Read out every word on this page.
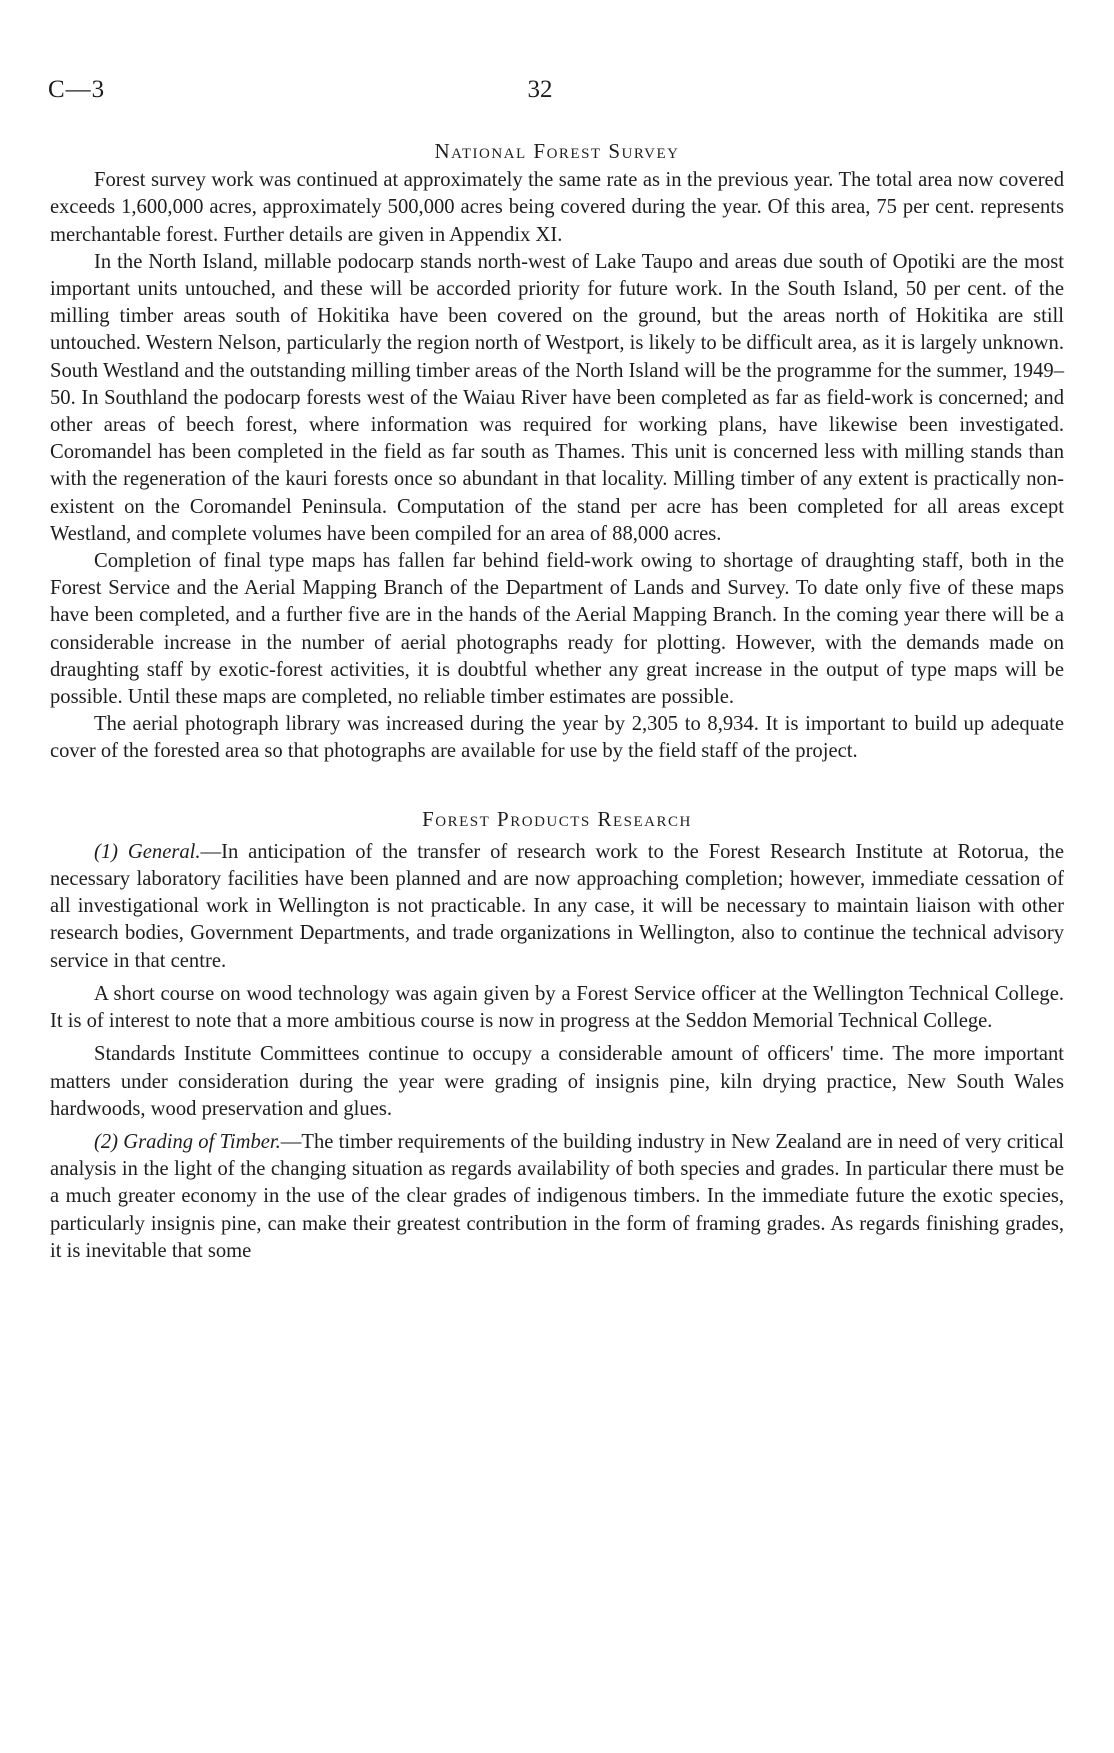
C—3	32
National Forest Survey

Forest survey work was continued at approximately the same rate as in the previous year. The total area now covered exceeds 1,600,000 acres, approximately 500,000 acres being covered during the year. Of this area, 75 per cent. represents merchantable forest. Further details are given in Appendix XI.

In the North Island, millable podocarp stands north-west of Lake Taupo and areas due south of Opotiki are the most important units untouched, and these will be accorded priority for future work. In the South Island, 50 per cent. of the milling timber areas south of Hokitika have been covered on the ground, but the areas north of Hokitika are still untouched. Western Nelson, particularly the region north of Westport, is likely to be difficult area, as it is largely unknown. South Westland and the outstanding milling timber areas of the North Island will be the programme for the summer, 1949–50. In Southland the podocarp forests west of the Waiau River have been completed as far as field-work is concerned; and other areas of beech forest, where information was required for working plans, have likewise been investigated. Coromandel has been completed in the field as far south as Thames. This unit is concerned less with milling stands than with the regeneration of the kauri forests once so abundant in that locality. Milling timber of any extent is practically non-existent on the Coromandel Peninsula. Computation of the stand per acre has been completed for all areas except Westland, and complete volumes have been compiled for an area of 88,000 acres.

Completion of final type maps has fallen far behind field-work owing to shortage of draughting staff, both in the Forest Service and the Aerial Mapping Branch of the Department of Lands and Survey. To date only five of these maps have been completed, and a further five are in the hands of the Aerial Mapping Branch. In the coming year there will be a considerable increase in the number of aerial photographs ready for plotting. However, with the demands made on draughting staff by exotic-forest activities, it is doubtful whether any great increase in the output of type maps will be possible. Until these maps are completed, no reliable timber estimates are possible.

The aerial photograph library was increased during the year by 2,305 to 8,934. It is important to build up adequate cover of the forested area so that photographs are available for use by the field staff of the project.

Forest Products Research

(1) General.—In anticipation of the transfer of research work to the Forest Research Institute at Rotorua, the necessary laboratory facilities have been planned and are now approaching completion; however, immediate cessation of all investigational work in Wellington is not practicable. In any case, it will be necessary to maintain liaison with other research bodies, Government Departments, and trade organizations in Wellington, also to continue the technical advisory service in that centre.

A short course on wood technology was again given by a Forest Service officer at the Wellington Technical College. It is of interest to note that a more ambitious course is now in progress at the Seddon Memorial Technical College.

Standards Institute Committees continue to occupy a considerable amount of officers' time. The more important matters under consideration during the year were grading of insignis pine, kiln drying practice, New South Wales hardwoods, wood preservation and glues.

(2) Grading of Timber.—The timber requirements of the building industry in New Zealand are in need of very critical analysis in the light of the changing situation as regards availability of both species and grades. In particular there must be a much greater economy in the use of the clear grades of indigenous timbers. In the immediate future the exotic species, particularly insignis pine, can make their greatest contribution in the form of framing grades. As regards finishing grades, it is inevitable that some
